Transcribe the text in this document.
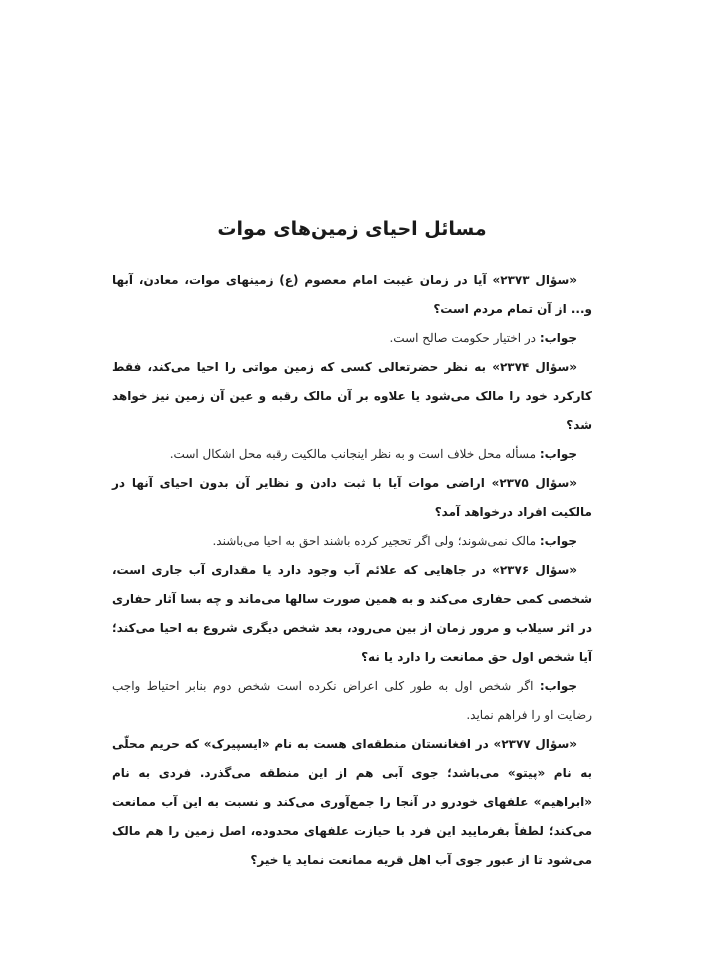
مسائل احیای زمین‌های موات

«سؤال ۲۳۷۳» آیا در زمان غیبت امام معصوم (ع) زمینهای موات، معادن، آبها و... از آن تمام مردم است؟

جواب: در اختیار حکومت صالح است.

«سؤال ۲۳۷۴» به نظر حضرتعالی کسی که زمین مواتی را احیا می‌کند، فقط کارکرد خود را مالک می‌شود یا علاوه بر آن مالک رقبه و عین آن زمین نیز خواهد شد؟

جواب: مسأله محل خلاف است و به نظر اینجانب مالکیت رقبه محل اشکال است.

«سؤال ۲۳۷۵» اراضی موات آیا با ثبت دادن و نظایر آن بدون احیای آنها در مالکیت افراد درخواهد آمد؟

جواب: مالک نمی‌شوند؛ ولی اگر تحجیر کرده باشند احق به احیا می‌باشند.

«سؤال ۲۳۷۶» در جاهایی که علائم آب وجود دارد یا مقداری آب جاری است، شخصی کمی حفاری می‌کند و به همین صورت سالها می‌ماند و چه بسا آثار حفاری در اثر سیلاب و مرور زمان از بین می‌رود، بعد شخص دیگری شروع به احیا می‌کند؛ آیا شخص اول حق ممانعت را دارد یا نه؟

جواب: اگر شخص اول به طور کلی اعراض نکرده است شخص دوم بنابر احتیاط واجب رضایت او را فراهم نماید.

«سؤال ۲۳۷۷» در افغانستان منطقه‌ای هست به نام «ایسپیرک» که حریم محلّی به نام «پیتو» می‌باشد؛ جوی آبی هم از این منطقه می‌گذرد. فردی به نام «ابراهیم» علفهای خودرو در آنجا را جمع‌آوری می‌کند و نسبت به این آب ممانعت می‌کند؛ لطفاً بفرمایید این فرد با حیازت علفهای محدوده، اصل زمین را هم مالک می‌شود تا از عبور جوی آب اهل قریه ممانعت نماید یا خیر؟
